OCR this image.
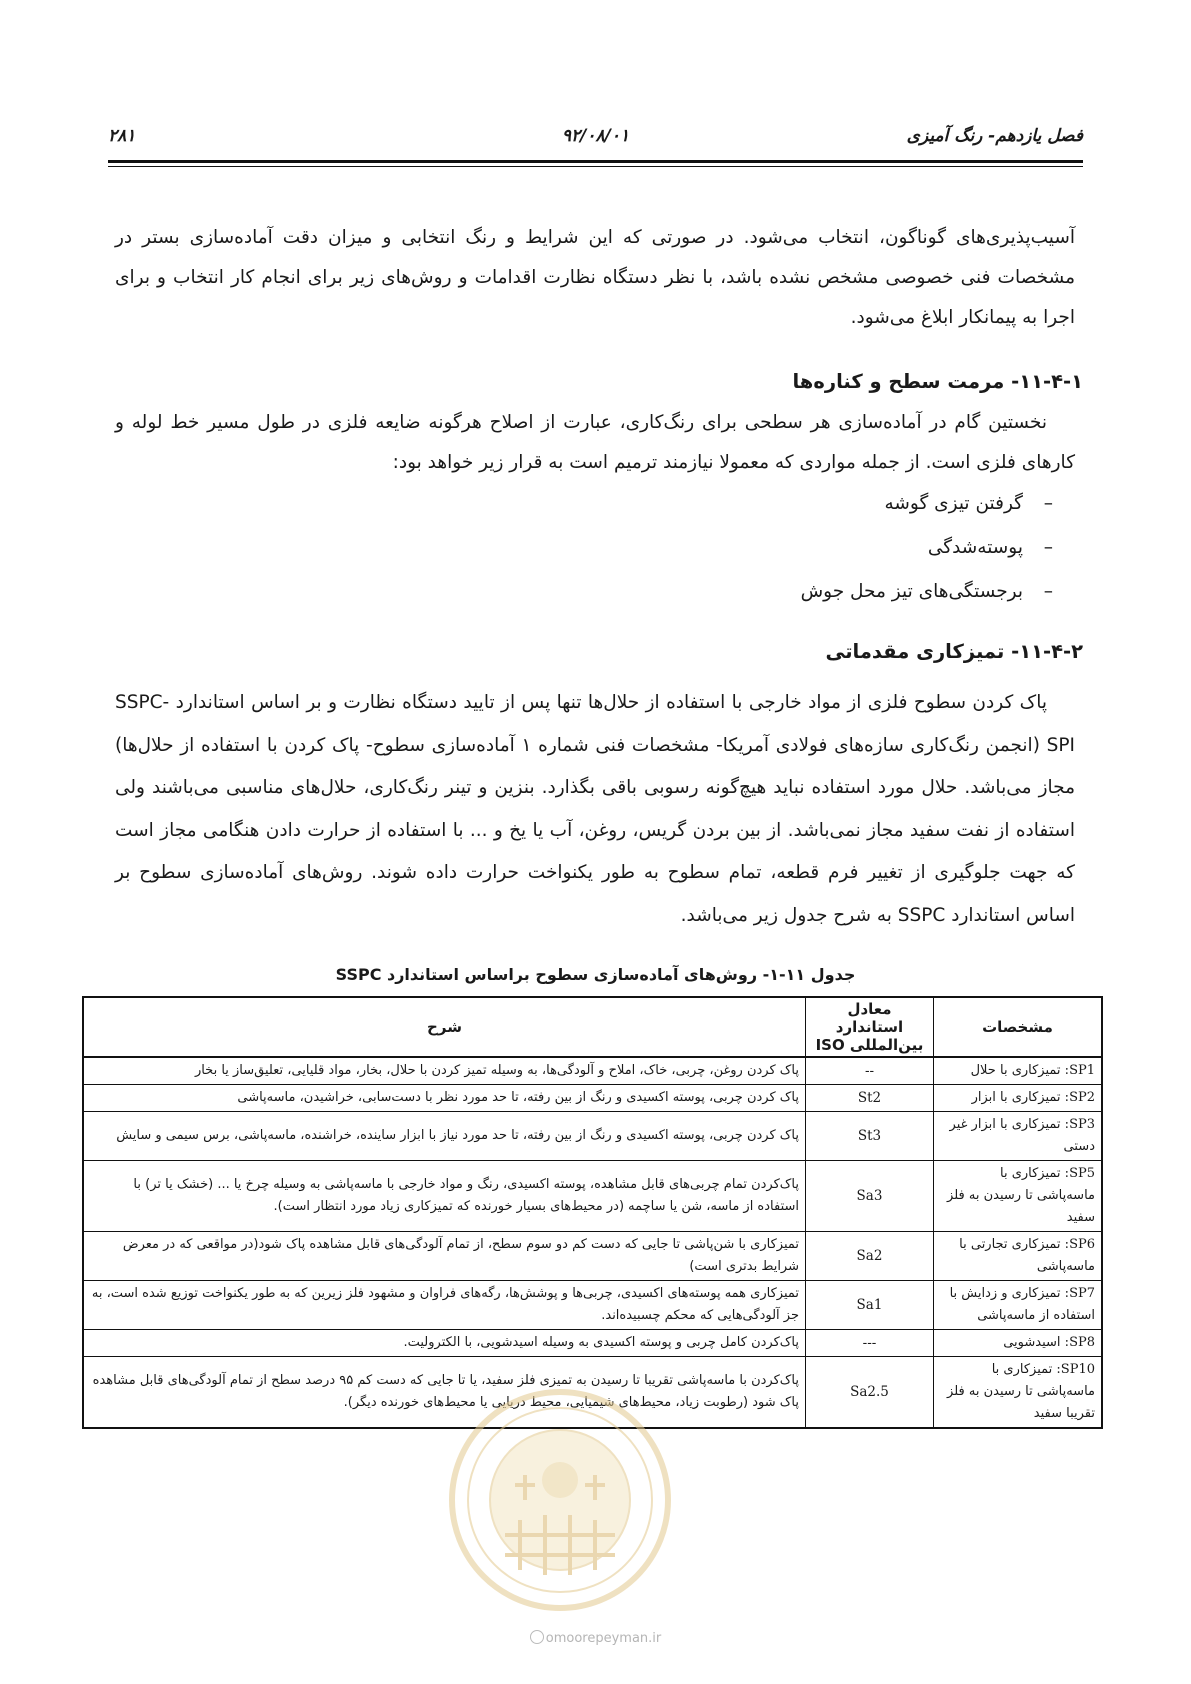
۲۸۱	۹۲/۰۸/۰۱	فصل یازدهم- رنگ آمیزی

آسیب‌پذیری‌های گوناگون، انتخاب می‌شود. در صورتی که این شرایط و رنگ انتخابی و میزان دقت آماده‌سازی بستر در مشخصات فنی خصوصی مشخص نشده باشد، با نظر دستگاه نظارت اقدامات و روش‌های زیر برای انجام کار انتخاب و برای اجرا به پیمانکار ابلاغ می‌شود.

۱۱-۴-۱- مرمت سطح و کناره‌ها

نخستین گام در آماده‌سازی هر سطحی برای رنگ‌کاری، عبارت از اصلاح هرگونه ضایعه فلزی در طول مسیر خط لوله و کارهای فلزی است. از جمله مواردی که معمولا نیازمند ترمیم است به قرار زیر خواهد بود:

–گرفتن تیزی گوشه
–پوسته‌شدگی
–برجستگی‌های تیز محل جوش
۱۱-۴-۲- تمیزکاری مقدماتی

پاک کردن سطوح فلزی از مواد خارجی با استفاده از حلال‌ها تنها پس از تایید دستگاه نظارت و بر اساس استاندارد SSPC-SPI (انجمن رنگ‌کاری سازه‌های فولادی آمریکا- مشخصات فنی شماره ۱ آماده‌سازی سطوح- پاک کردن با استفاده از حلال‌ها) مجاز می‌باشد. حلال مورد استفاده نباید هیچ‌گونه رسوبی باقی بگذارد. بنزین و تینر رنگ‌کاری، حلال‌های مناسبی می‌باشند ولی استفاده از نفت سفید مجاز نمی‌باشد. از بین بردن گریس، روغن، آب یا یخ و ... با استفاده از حرارت دادن هنگامی مجاز است که جهت جلوگیری از تغییر فرم قطعه، تمام سطوح به طور یکنواخت حرارت داده شوند. روش‌های آماده‌سازی سطوح بر اساس استاندارد SSPC به شرح جدول زیر می‌باشد.

جدول ۱۱-۱- روش‌های آماده‌سازی سطوح براساس استاندارد SSPC
مشخصات	معادل استاندارد بین‌المللی ISO	شرح
SP1: تمیزکاری با حلال	--	پاک کردن روغن، چربی، خاک، املاح و آلودگی‌ها، به وسیله تمیز کردن با حلال، بخار، مواد قلیایی، تعلیق‌ساز یا بخار
SP2: تمیزکاری با ابزار	St2	پاک کردن چربی، پوسته اکسیدی و رنگ از بین رفته، تا حد مورد نظر با دست‌سابی، خراشیدن، ماسه‌پاشی
SP3: تمیزکاری با ابزار غیر دستی	St3	پاک کردن چربی، پوسته اکسیدی و رنگ از بین رفته، تا حد مورد نیاز با ابزار ساینده، خراشنده، ماسه‌پاشی، برس سیمی و سایش
SP5: تمیزکاری با ماسه‌پاشی تا رسیدن به فلز سفید	Sa3	پاک‌کردن تمام چربی‌های قابل مشاهده، پوسته اکسیدی، رنگ و مواد خارجی با ماسه‌پاشی به وسیله چرخ یا ... (خشک یا تر) با استفاده از ماسه، شن یا ساچمه (در محیط‌های بسیار خورنده که تمیزکاری زیاد مورد انتظار است).
SP6: تمیزکاری تجارتی با ماسه‌پاشی	Sa2	تمیزکاری با شن‌پاشی تا جایی که دست کم دو سوم سطح، از تمام آلودگی‌های قابل مشاهده پاک شود(در مواقعی که در معرض شرایط بدتری است)
SP7: تمیزکاری و زدایش با استفاده از ماسه‌پاشی	Sa1	تمیزکاری همه پوسته‌های اکسیدی، چربی‌ها و پوشش‌ها، رگه‌های فراوان و مشهود فلز زیرین که به طور یکنواخت توزیع شده است، به جز آلودگی‌هایی که محکم چسبیده‌اند.
SP8: اسیدشویی	---	پاک‌کردن کامل چربی و پوسته اکسیدی به وسیله اسیدشویی، با الکترولیت.
SP10: تمیزکاری با ماسه‌پاشی تا رسیدن به فلز تقریبا سفید	Sa2.5	پاک‌کردن با ماسه‌پاشی تقریبا تا رسیدن به تمیزی فلز سفید، یا تا جایی که دست کم ۹۵ درصد سطح از تمام آلودگی‌های قابل مشاهده پاک شود (رطوبت زیاد، محیط‌های شیمیایی، محیط دریایی یا محیط‌های خورنده دیگر).
omoorepeyman.ir
